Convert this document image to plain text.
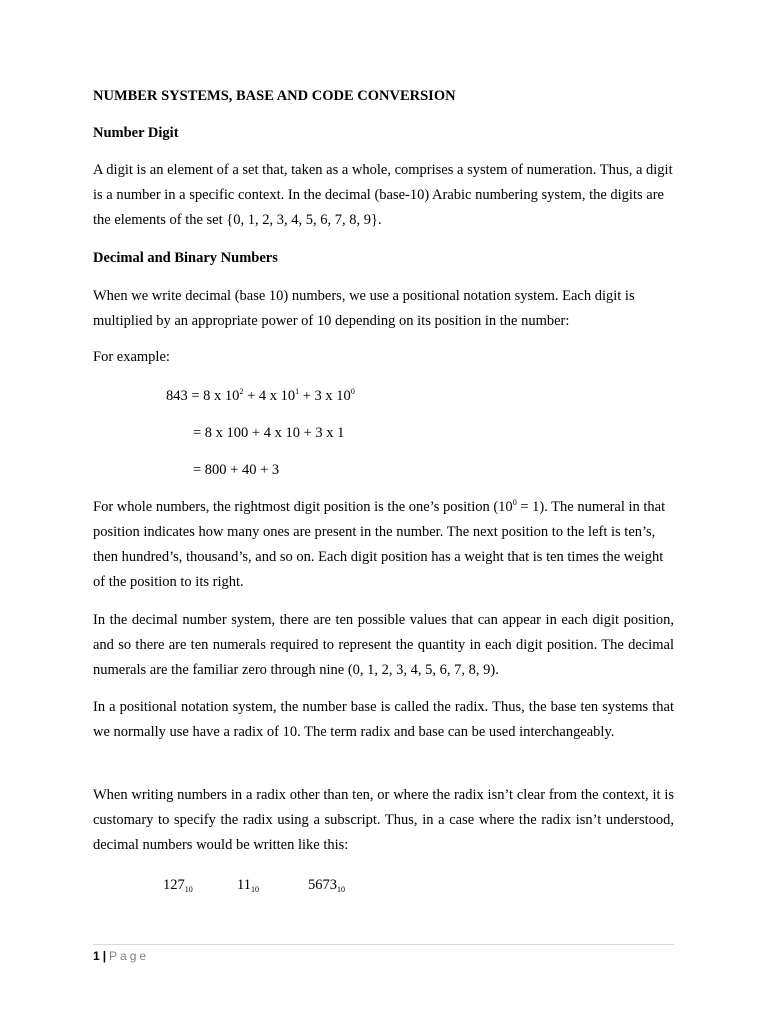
NUMBER SYSTEMS, BASE AND CODE CONVERSION
Number Digit

A digit is an element of a set that, taken as a whole, comprises a system of numeration. Thus, a digit is a number in a specific context. In the decimal (base-10) Arabic numbering system, the digits are the elements of the set {0, 1, 2, 3, 4, 5, 6, 7, 8, 9}.

Decimal and Binary Numbers

When we write decimal (base 10) numbers, we use a positional notation system. Each digit is multiplied by an appropriate power of 10 depending on its position in the number:

For example:

843 = 8 x $10^2 + 4$ x $10^1 + 3$ x $10^0$
= 8 x 100 + 4 x 10 + 3 x 1
= 800 + 40 + 3

For whole numbers, the rightmost digit position is the one’s position $(10^0 = 1)$. The numeral in that position indicates how many ones are present in the number. The next position to the left is ten’s, then hundred’s, thousand’s, and so on. Each digit position has a weight that is ten times the weight of the position to its right.

In the decimal number system, there are ten possible values that can appear in each digit position, and so there are ten numerals required to represent the quantity in each digit position. The decimal numerals are the familiar zero through nine (0, 1, 2, 3, 4, 5, 6, 7, 8, 9).

In a positional notation system, the number base is called the radix. Thus, the base ten systems that we normally use have a radix of 10. The term radix and base can be used interchangeably.

When writing numbers in a radix other than ten, or where the radix isn’t clear from the context, it is customary to specify the radix using a subscript. Thus, in a case where the radix isn’t understood, decimal numbers would be written like this:

$127_{10}$	$11_{10}$	$5673_{10}$
1 | Page
